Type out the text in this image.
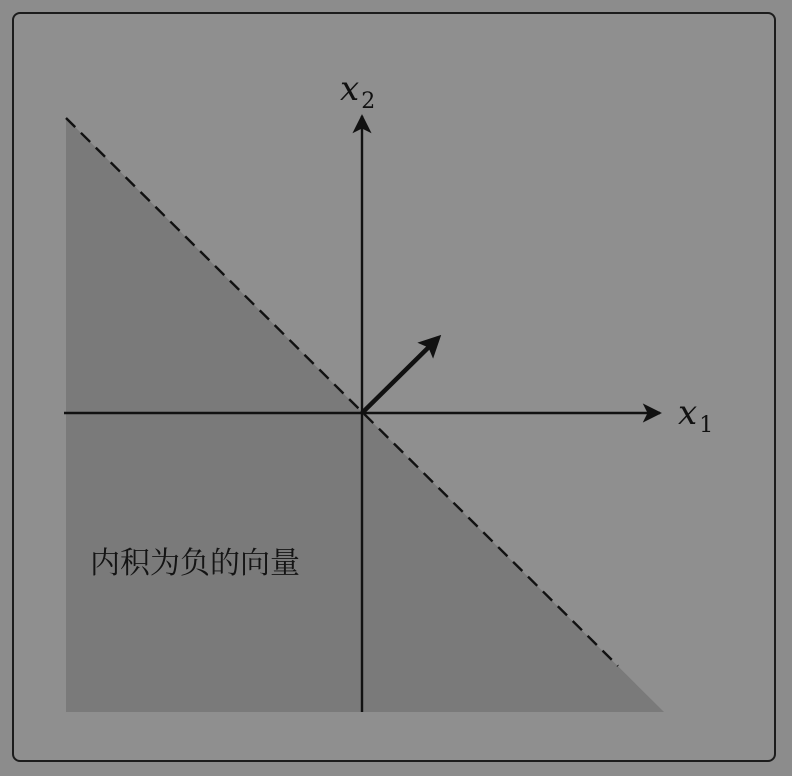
$x_2$
$x_1$
内积为负的向量
